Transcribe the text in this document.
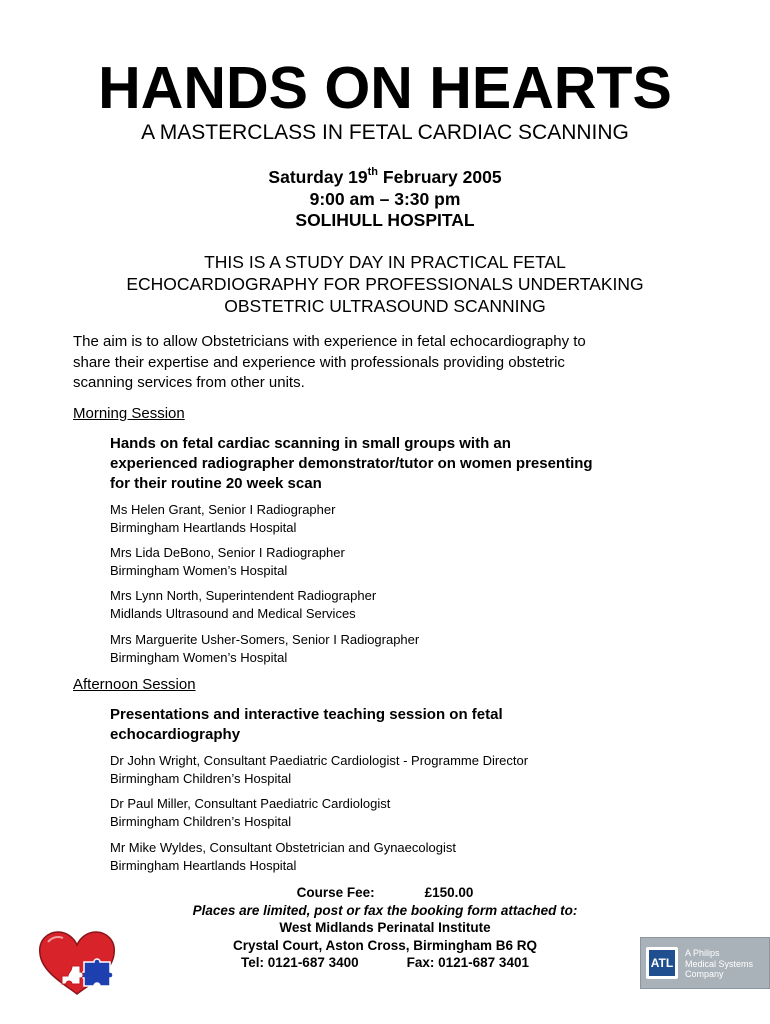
HANDS ON HEARTS
A MASTERCLASS IN FETAL CARDIAC SCANNING
Saturday 19th February 2005
9:00 am – 3:30 pm
SOLIHULL HOSPITAL
THIS IS A STUDY DAY IN PRACTICAL FETAL
ECHOCARDIOGRAPHY FOR PROFESSIONALS UNDERTAKING
OBSTETRIC ULTRASOUND SCANNING
The aim is to allow Obstetricians with experience in fetal echocardiography to
share their expertise and experience with professionals providing obstetric
scanning services from other units.
Morning Session
Hands on fetal cardiac scanning in small groups with an
experienced radiographer demonstrator/tutor on women presenting
for their routine 20 week scan
Ms Helen Grant, Senior I Radiographer
Birmingham Heartlands Hospital
Mrs Lida DeBono, Senior I Radiographer
Birmingham Women’s Hospital
Mrs Lynn North, Superintendent Radiographer
Midlands Ultrasound and Medical Services
Mrs Marguerite Usher-Somers, Senior I Radiographer
Birmingham Women’s Hospital
Afternoon Session
Presentations and interactive teaching session on fetal
echocardiography
Dr John Wright, Consultant Paediatric Cardiologist - Programme Director
Birmingham Children’s Hospital
Dr Paul Miller, Consultant Paediatric Cardiologist
Birmingham Children’s Hospital
Mr Mike Wyldes, Consultant Obstetrician and Gynaecologist
Birmingham Heartlands Hospital
Course Fee:	£150.00
Places are limited, post or fax the booking form attached to:
West Midlands Perinatal Institute
Crystal Court, Aston Cross, Birmingham B6 RQ
Tel: 0121-687 3400	Fax: 0121-687 3401	ATL
A Philips
Medical Systems
Company
